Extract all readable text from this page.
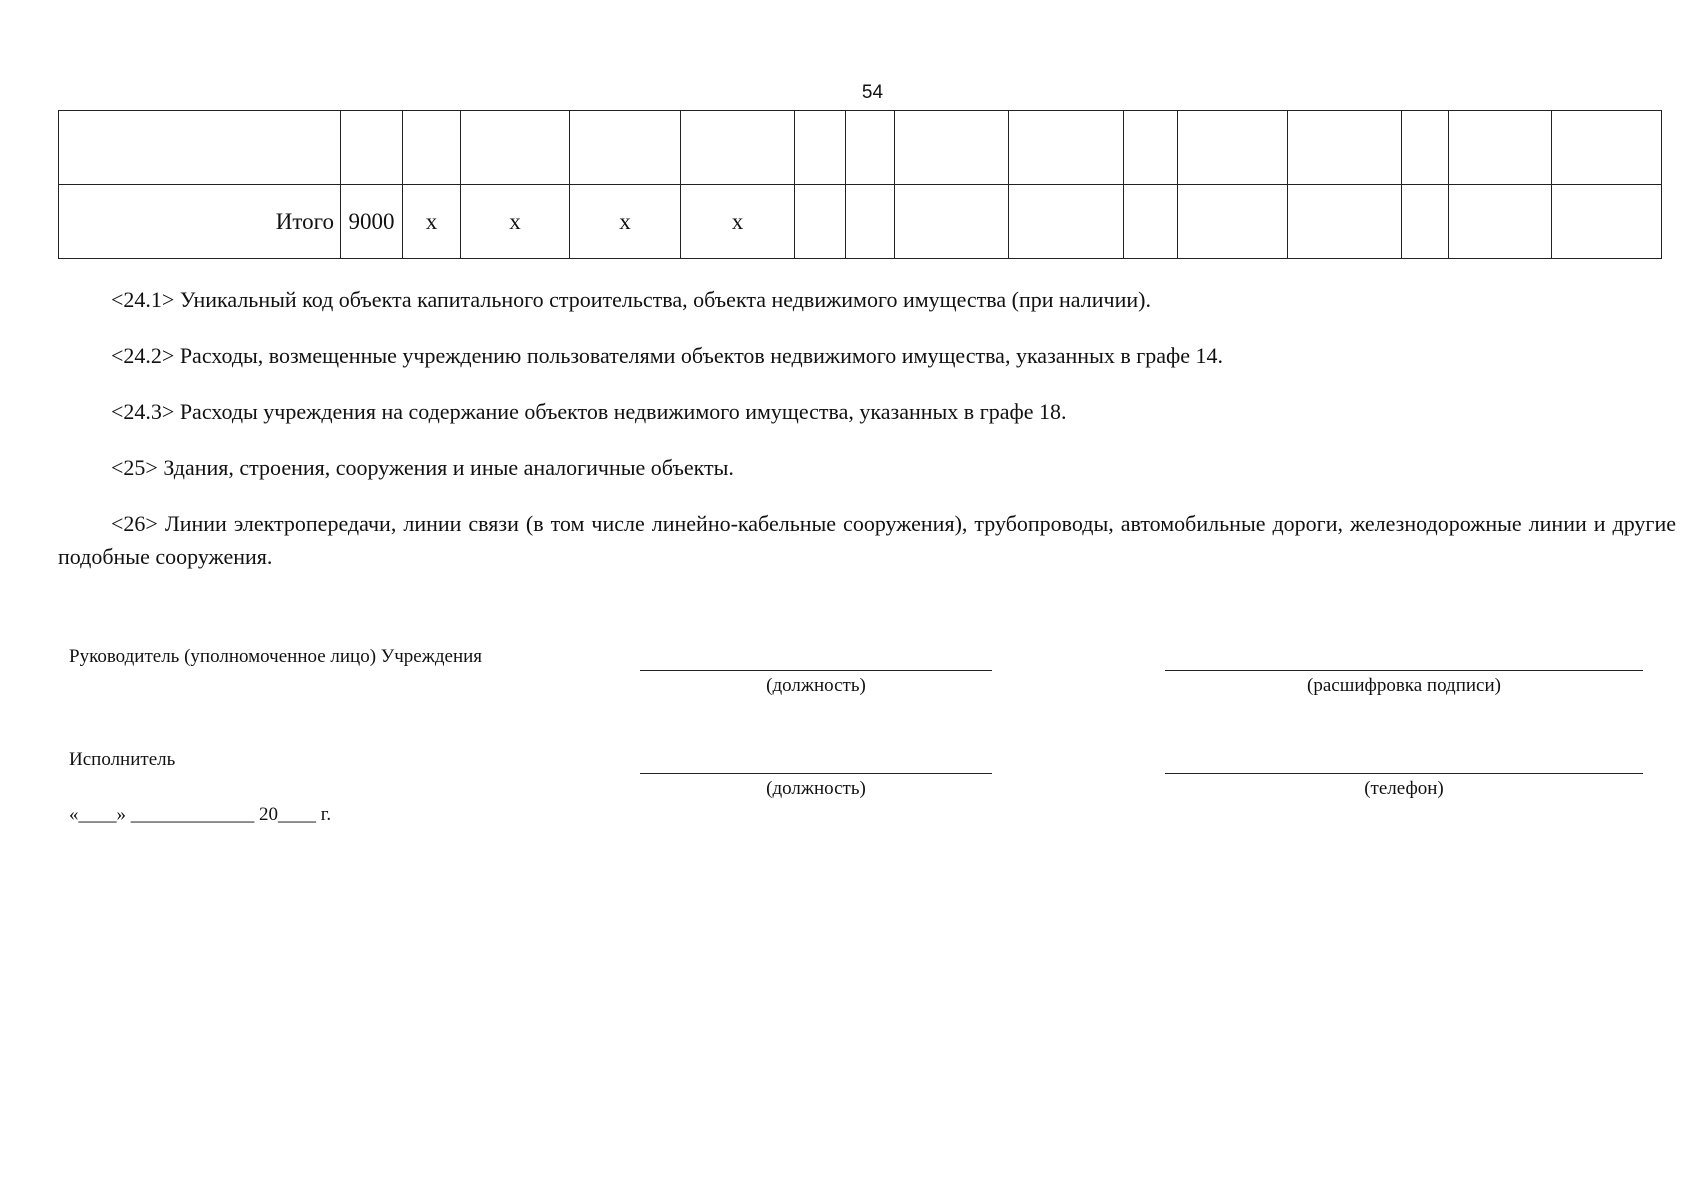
54

Итого	9000	х	х	х	х										

<24.1> Уникальный код объекта капитального строительства, объекта недвижимого имущества (при наличии).

<24.2> Расходы, возмещенные учреждению пользователями объектов недвижимого имущества, указанных в графе 14.

<24.3> Расходы учреждения на содержание объектов недвижимого имущества, указанных в графе 18.

<25> Здания, строения, сооружения и иные аналогичные объекты.

<26> Линии электропередачи, линии связи (в том числе линейно-кабельные сооружения), трубопроводы, автомобильные дороги, железнодорожные линии и другие подобные сооружения.

Руководитель (уполномоченное лицо) Учреждения
(должность)	(расшифровка подписи)
Исполнитель
(должность)	(телефон)
«____» _____________ 20____ г.
